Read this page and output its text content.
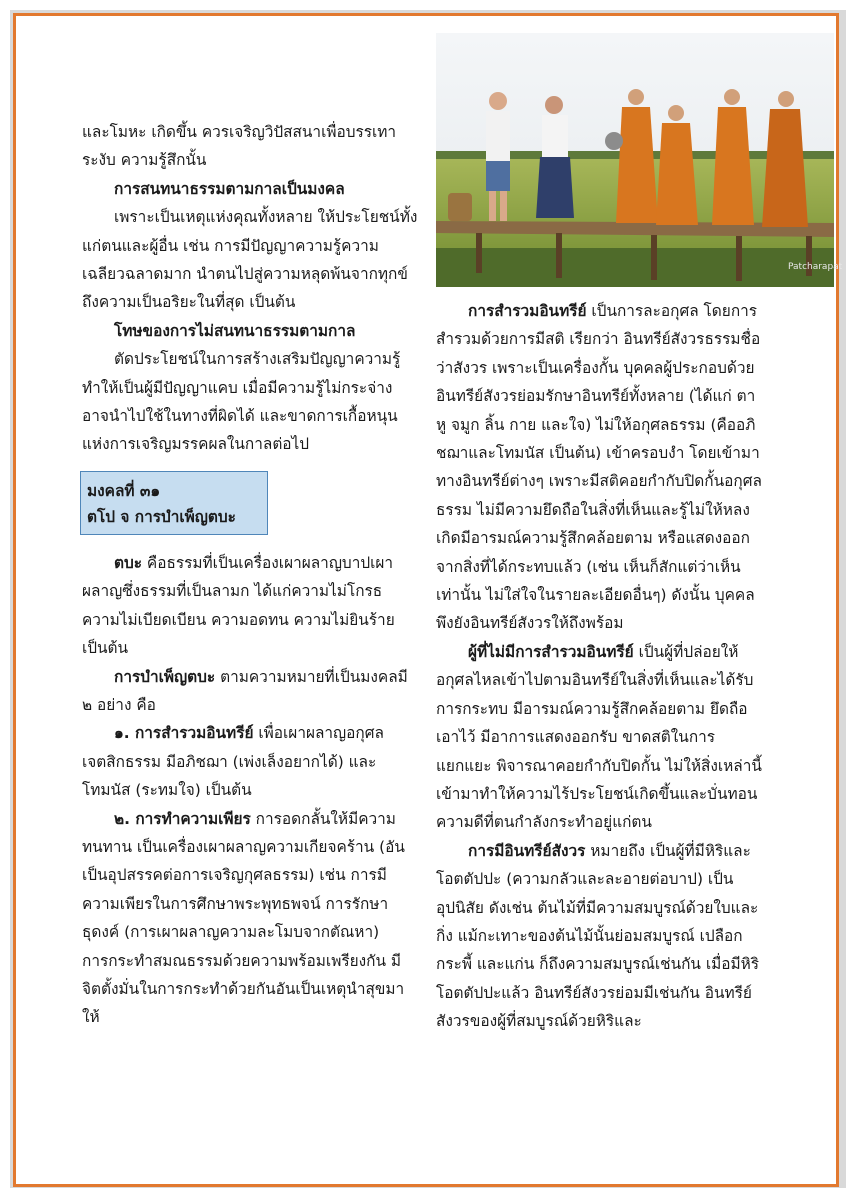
Patcharapat

และโมหะ เกิดขึ้น ควรเจริญวิปัสสนาเพื่อบรรเทา ระงับ ความรู้สึกนั้น

การสนทนาธรรมตามกาลเป็นมงคล

เพราะเป็นเหตุแห่งคุณทั้งหลาย ให้ประโยชน์ทั้งแก่ตนและผู้อื่น เช่น การมีปัญญาความรู้ความเฉลียวฉลาดมาก นำตนไปสู่ความหลุดพ้นจากทุกข์ ถึงความเป็นอริยะในที่สุด เป็นต้น

โทษของการไม่สนทนาธรรมตามกาล

ตัดประโยชน์ในการสร้างเสริมปัญญาความรู้ ทำให้เป็นผู้มีปัญญาแคบ เมื่อมีความรู้ไม่กระจ่างอาจนำไปใช้ในทางที่ผิดได้ และขาดการเกื้อหนุนแห่งการเจริญมรรคผลในกาลต่อไป

มงคลที่ ๓๑
ตโป จ การบำเพ็ญตบะ

ตบะ คือธรรมที่เป็นเครื่องเผาผลาญบาปเผาผลาญซึ่งธรรมที่เป็นลามก ได้แก่ความไม่โกรธ ความไม่เบียดเบียน ความอดทน ความไม่ยินร้าย เป็นต้น

การบำเพ็ญตบะ ตามความหมายที่เป็นมงคลมี ๒ อย่าง คือ

๑. การสำรวมอินทรีย์ เพื่อเผาผลาญอกุศลเจตสิกธรรม มีอภิชฌา (เพ่งเล็งอยากได้) และโทมนัส (ระทมใจ) เป็นต้น

๒. การทำความเพียร การอดกลั้นให้มีความทนทาน เป็นเครื่องเผาผลาญความเกียจคร้าน (อันเป็นอุปสรรคต่อการเจริญกุศลธรรม) เช่น การมีความเพียรในการศึกษาพระพุทธพจน์ การรักษาธุดงค์ (การเผาผลาญความละโมบจากตัณหา) การกระทำสมณธรรมด้วยความพร้อมเพรียงกัน มีจิตตั้งมั่นในการกระทำด้วยกันอันเป็นเหตุนำสุขมาให้

การสำรวมอินทรีย์ เป็นการละอกุศล โดยการสำรวมด้วยการมีสติ เรียกว่า อินทรีย์สังวรธรรมชื่อว่าสังวร เพราะเป็นเครื่องกั้น บุคคลผู้ประกอบด้วยอินทรีย์สังวรย่อมรักษาอินทรีย์ทั้งหลาย (ได้แก่ ตา หู จมูก ลิ้น กาย และใจ) ไม่ให้อกุศลธรรม (คืออภิชฌาและโทมนัส เป็นต้น) เข้าครอบงำ โดยเข้ามาทางอินทรีย์ต่างๆ เพราะมีสติคอยกำกับปิดกั้นอกุศลธรรม ไม่มีความยึดถือในสิ่งที่เห็นและรู้ไม่ให้หลงเกิดมีอารมณ์ความรู้สึกคล้อยตาม หรือแสดงออกจากสิ่งที่ได้กระทบแล้ว (เช่น เห็นก็สักแต่ว่าเห็นเท่านั้น ไม่ใส่ใจในรายละเอียดอื่นๆ) ดังนั้น บุคคลพึงยังอินทรีย์สังวรให้ถึงพร้อม

ผู้ที่ไม่มีการสำรวมอินทรีย์ เป็นผู้ที่ปล่อยให้อกุศลไหลเข้าไปตามอินทรีย์ในสิ่งที่เห็นและได้รับการกระทบ มีอารมณ์ความรู้สึกคล้อยตาม ยึดถือเอาไว้ มีอาการแสดงออกรับ ขาดสติในการแยกแยะ พิจารณาคอยกำกับปิดกั้น ไม่ให้สิ่งเหล่านี้เข้ามาทำให้ความไร้ประโยชน์เกิดขึ้นและบั่นทอนความดีที่ตนกำลังกระทำอยู่แก่ตน

การมีอินทรีย์สังวร หมายถึง เป็นผู้ที่มีหิริและโอตตัปปะ (ความกลัวและละอายต่อบาป) เป็นอุปนิสัย ดังเช่น ต้นไม้ที่มีความสมบูรณ์ด้วยใบและกิ่ง แม้กะเทาะของต้นไม้นั้นย่อมสมบูรณ์ เปลือก กระพี้ และแก่น ก็ถึงความสมบูรณ์เช่นกัน เมื่อมีหิริโอตตัปปะแล้ว อินทรีย์สังวรย่อมมีเช่นกัน อินทรีย์สังวรของผู้ที่สมบูรณ์ด้วยหิริและ
